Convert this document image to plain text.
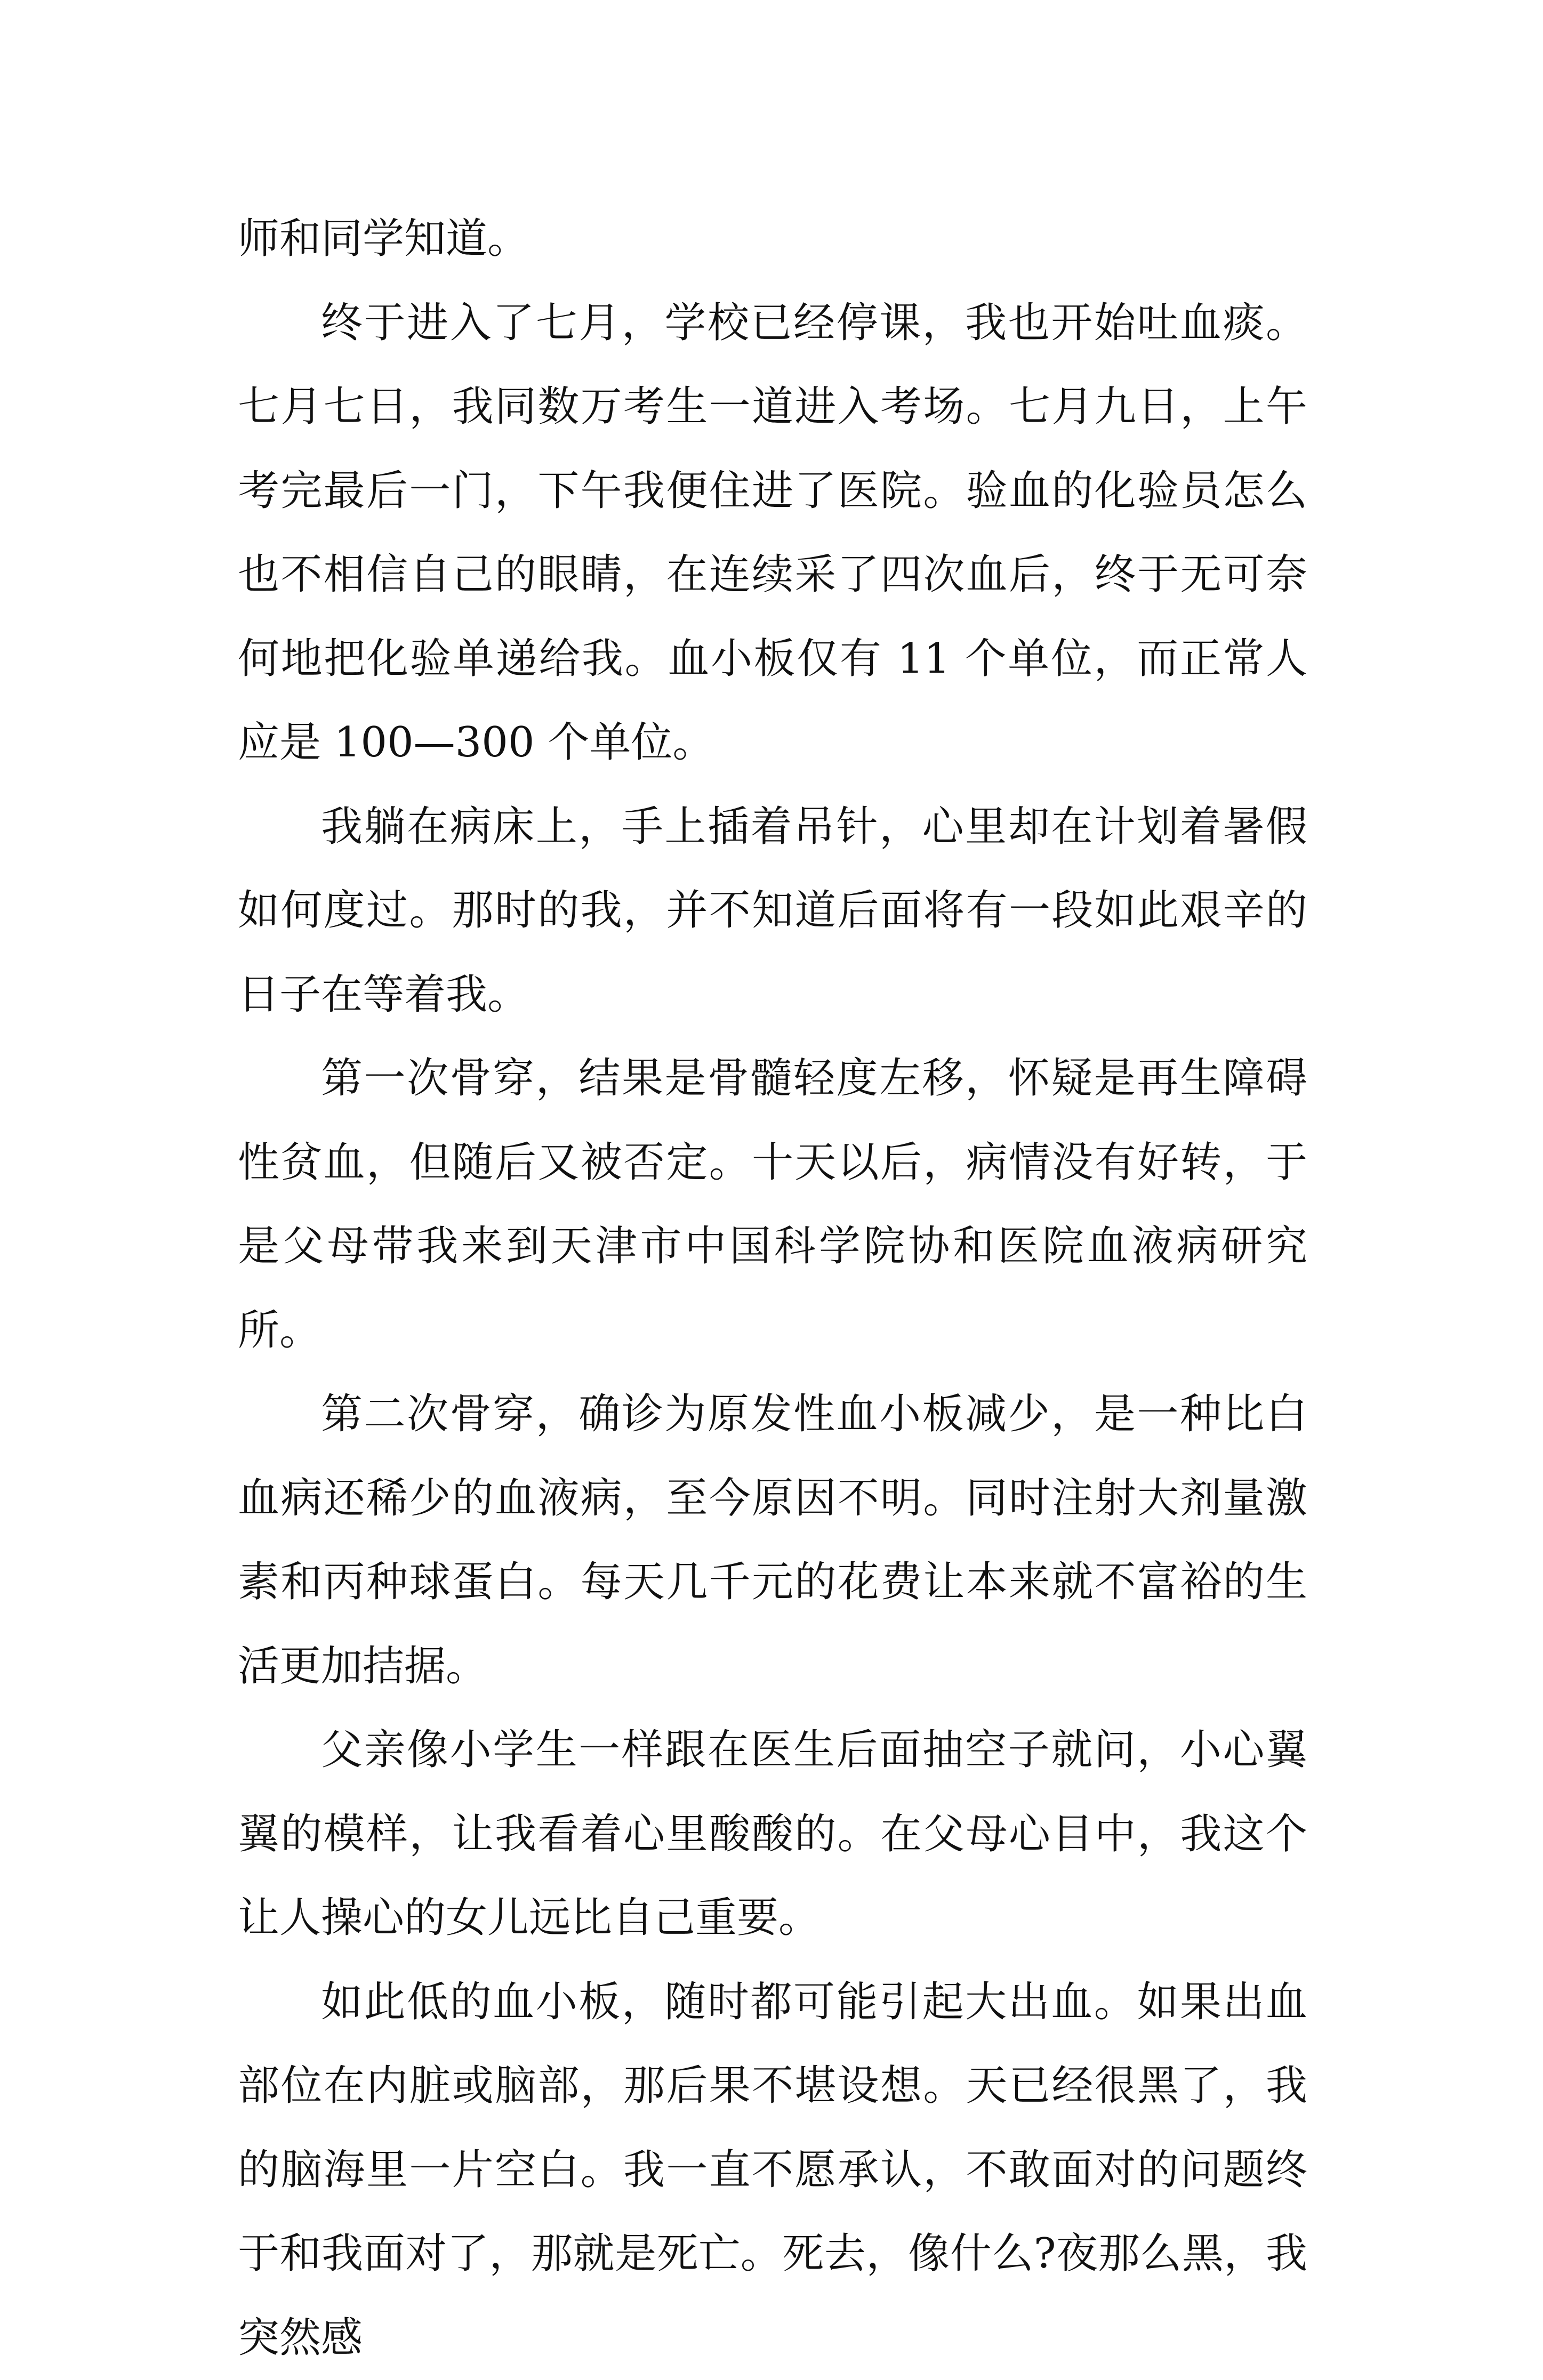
师和同学知道。

终于进入了七月，学校已经停课，我也开始吐血痰。七月七日，我同数万考生一道进入考场。七月九日，上午考完最后一门，下午我便住进了医院。验血的化验员怎么也不相信自己的眼睛，在连续采了四次血后，终于无可奈何地把化验单递给我。血小板仅有 11 个单位，而正常人应是 100—300 个单位。

我躺在病床上，手上插着吊针，心里却在计划着暑假如何度过。那时的我，并不知道后面将有一段如此艰辛的日子在等着我。

第一次骨穿，结果是骨髓轻度左移，怀疑是再生障碍性贫血，但随后又被否定。十天以后，病情没有好转，于是父母带我来到天津市中国科学院协和医院血液病研究所。

第二次骨穿，确诊为原发性血小板减少，是一种比白血病还稀少的血液病，至今原因不明。同时注射大剂量激素和丙种球蛋白。每天几千元的花费让本来就不富裕的生活更加拮据。

父亲像小学生一样跟在医生后面抽空子就问，小心翼翼的模样，让我看着心里酸酸的。在父母心目中，我这个让人操心的女儿远比自己重要。

如此低的血小板，随时都可能引起大出血。如果出血部位在内脏或脑部，那后果不堪设想。天已经很黑了，我的脑海里一片空白。我一直不愿承认，不敢面对的问题终于和我面对了，那就是死亡。死去，像什么?夜那么黑，我突然感
